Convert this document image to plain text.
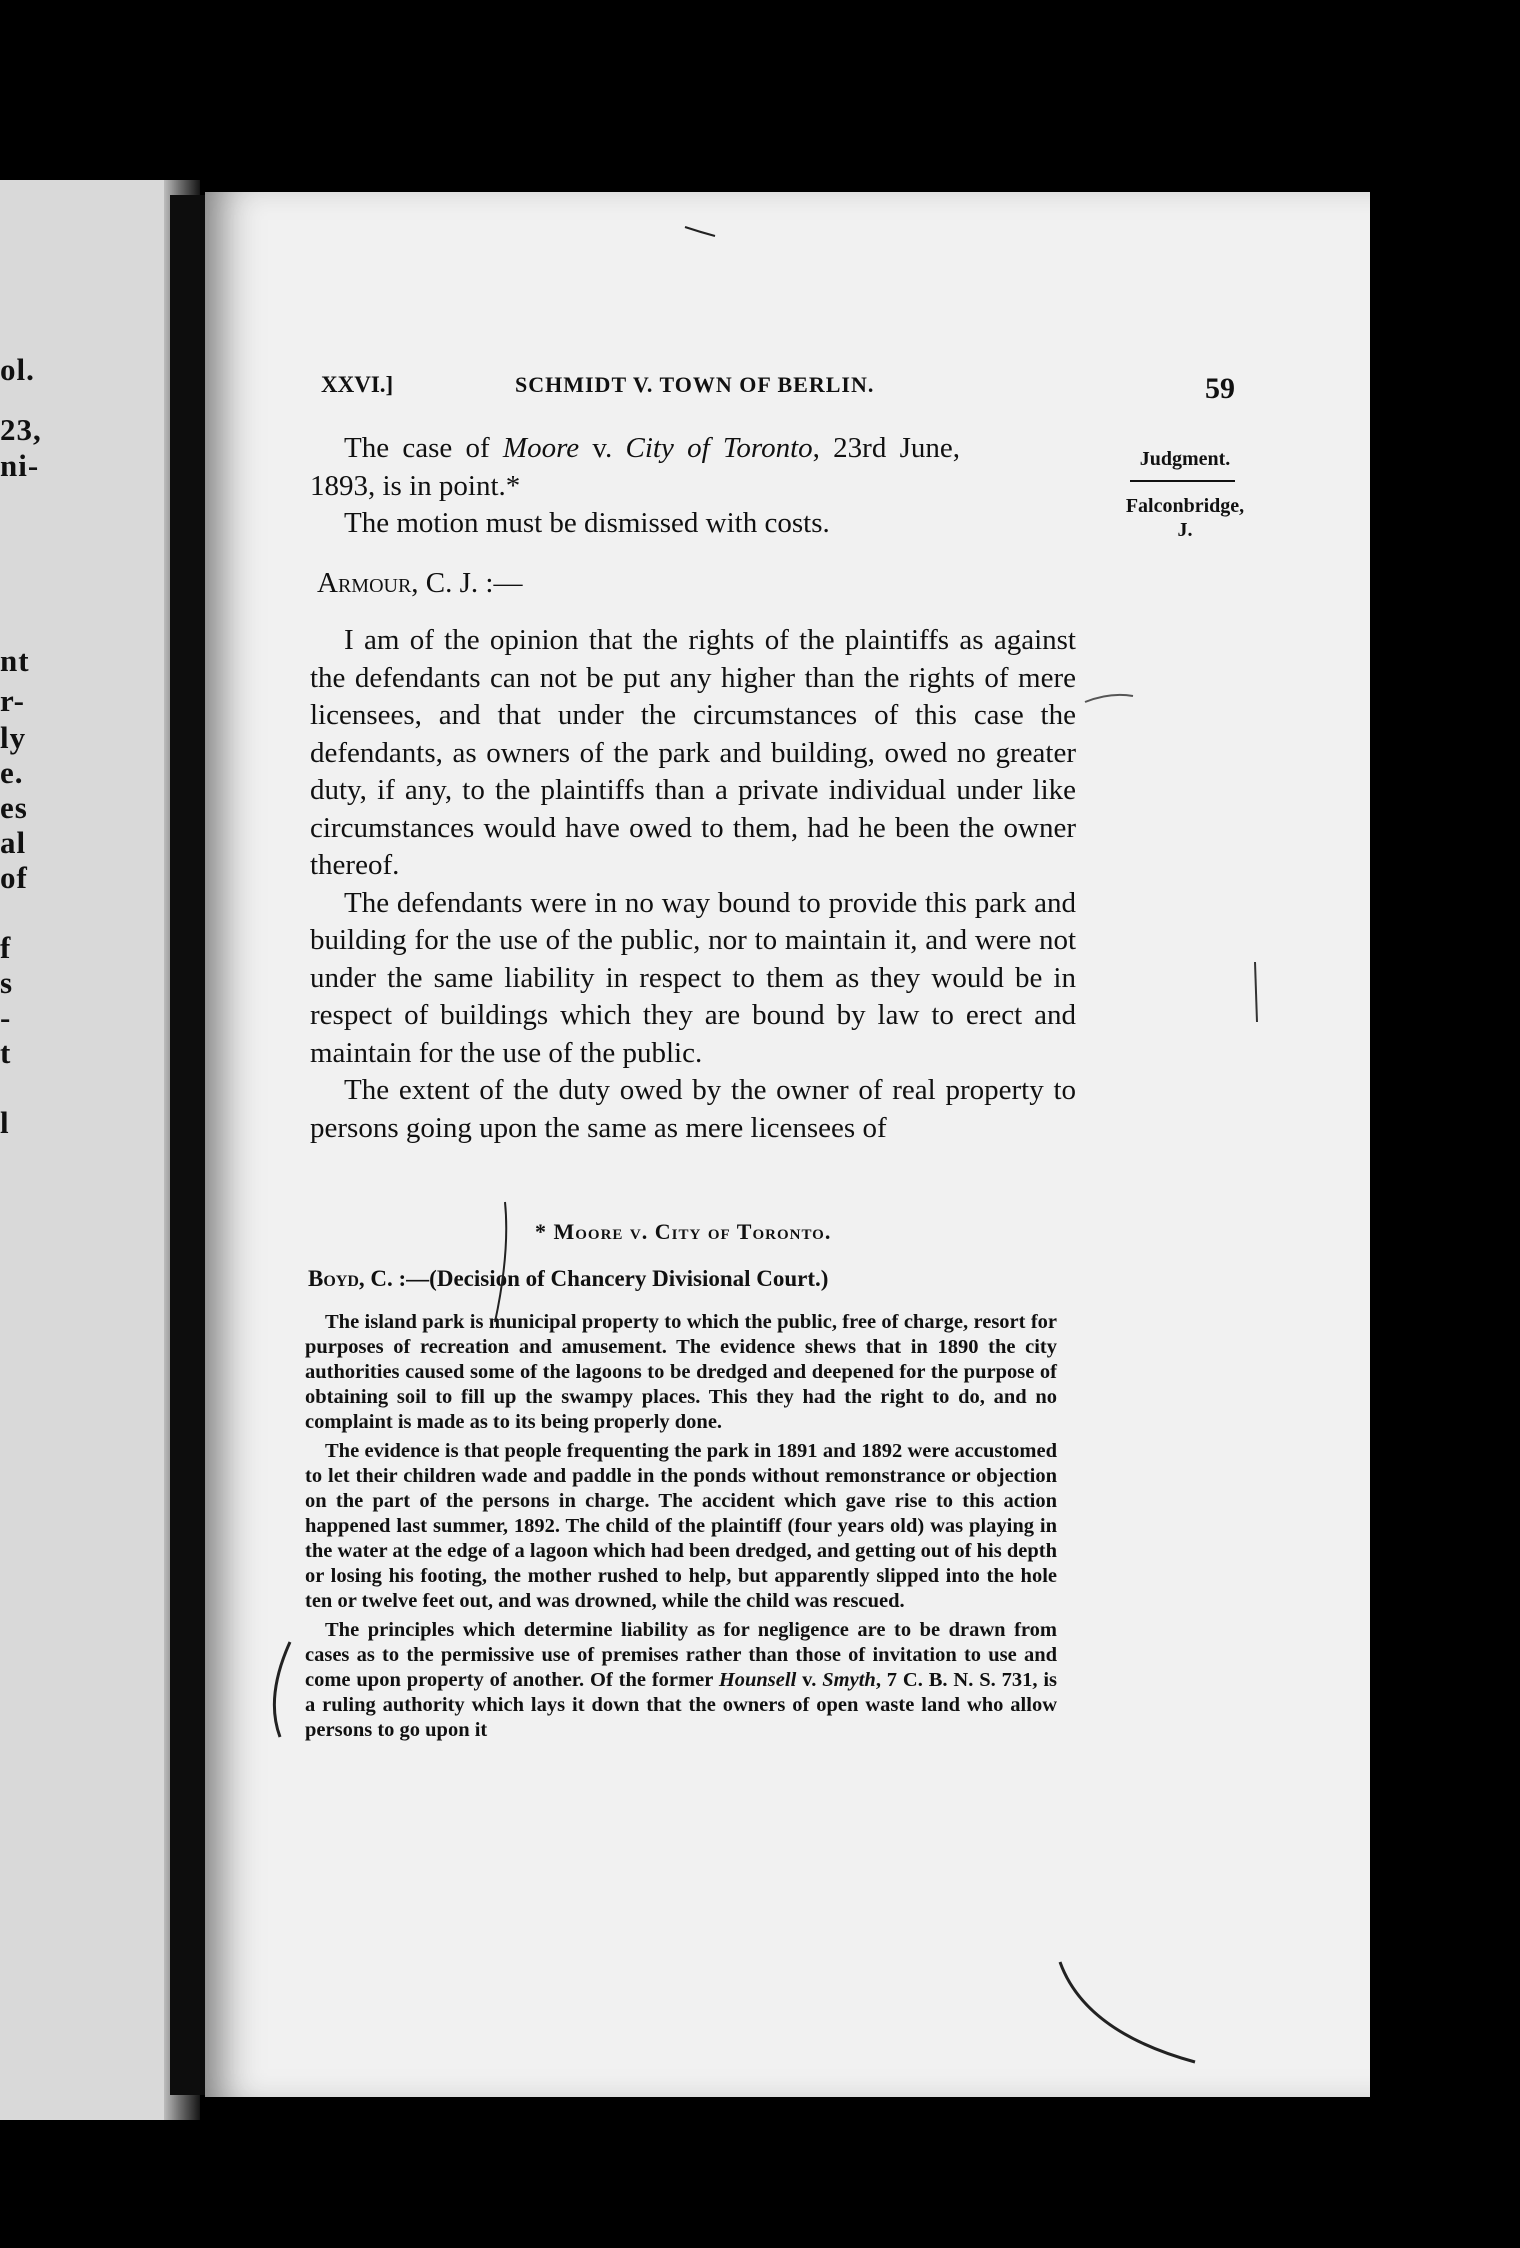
ol.
23,
ni-
nt
r-
ly
e.
es
al
of
f
s
-
t
l
XXVI.]	SCHMIDT V. TOWN OF BERLIN.	59
Judgment.
Falconbridge,
J.

The case of Moore v. City of Toronto, 23rd June, 1893, is in point.*

The motion must be dismissed with costs.

Armour, C. J. :—

I am of the opinion that the rights of the plaintiffs as against the defendants can not be put any higher than the rights of mere licensees, and that under the circumstances of this case the defendants, as owners of the park and building, owed no greater duty, if any, to the plaintiffs than a private individual under like circumstances would have owed to them, had he been the owner thereof.

The defendants were in no way bound to provide this park and building for the use of the public, nor to maintain it, and were not under the same liability in respect to them as they would be in respect of buildings which they are bound by law to erect and maintain for the use of the public.

The extent of the duty owed by the owner of real property to persons going upon the same as mere licensees of

* Moore v. City of Toronto.
Boyd, C. :—(Decision of Chancery Divisional Court.)

The island park is municipal property to which the public, free of charge, resort for purposes of recreation and amusement. The evidence shews that in 1890 the city authorities caused some of the lagoons to be dredged and deepened for the purpose of obtaining soil to fill up the swampy places. This they had the right to do, and no complaint is made as to its being properly done.

The evidence is that people frequenting the park in 1891 and 1892 were accustomed to let their children wade and paddle in the ponds without remonstrance or objection on the part of the persons in charge. The accident which gave rise to this action happened last summer, 1892. The child of the plaintiff (four years old) was playing in the water at the edge of a lagoon which had been dredged, and getting out of his depth or losing his footing, the mother rushed to help, but apparently slipped into the hole ten or twelve feet out, and was drowned, while the child was rescued.

The principles which determine liability as for negligence are to be drawn from cases as to the permissive use of premises rather than those of invitation to use and come upon property of another. Of the former Hounsell v. Smyth, 7 C. B. N. S. 731, is a ruling authority which lays it down that the owners of open waste land who allow persons to go upon it
